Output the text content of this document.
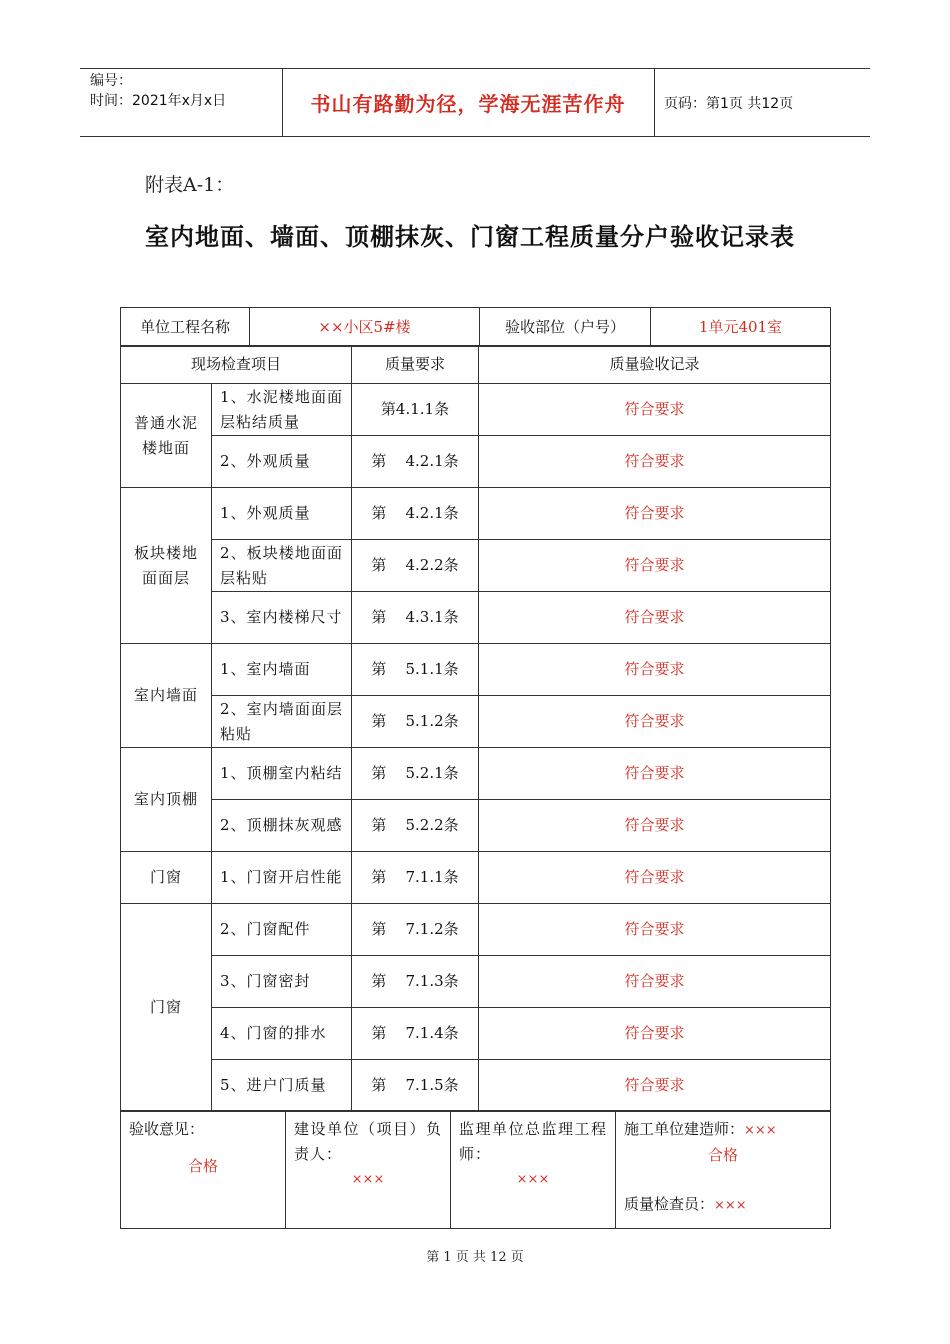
编号：
时间：2021年x月x日	书山有路勤为径，学海无涯苦作舟	页码：第1页 共12页
附表A-1：
室内地面、墙面、顶棚抹灰、门窗工程质量分户验收记录表
单位工程名称	××小区5#楼	验收部位（户号）	1单元401室
现场检查项目		质量要求	质量验收记录
普通水泥楼地面	1、水泥楼地面面层粘结质量	第4.1.1条	符合要求
	2、外观质量	第    4.2.1条	符合要求
板块楼地面面层	1、外观质量	第    4.2.1条	符合要求
	2、板块楼地面面层粘贴	第    4.2.2条	符合要求
	3、室内楼梯尺寸	第    4.3.1条	符合要求
室内墙面	1、室内墙面	第    5.1.1条	符合要求
	2、室内墙面面层粘贴	第    5.1.2条	符合要求
室内顶棚	1、顶棚室内粘结	第    5.2.1条	符合要求
	2、顶棚抹灰观感	第    5.2.2条	符合要求
门窗	1、门窗开启性能	第    7.1.1条	符合要求
门窗	2、门窗配件	第    7.1.2条	符合要求
	3、门窗密封	第    7.1.3条	符合要求
	4、门窗的排水	第    7.1.4条	符合要求
	5、进户门质量	第    7.1.5条	符合要求
验收意见：
合格

建设单位（项目）负责人：
×××

监理单位总监理工程师：
×××

施工单位建造师：×××
合格
质量检查员：×××
第 1 页 共 12 页
